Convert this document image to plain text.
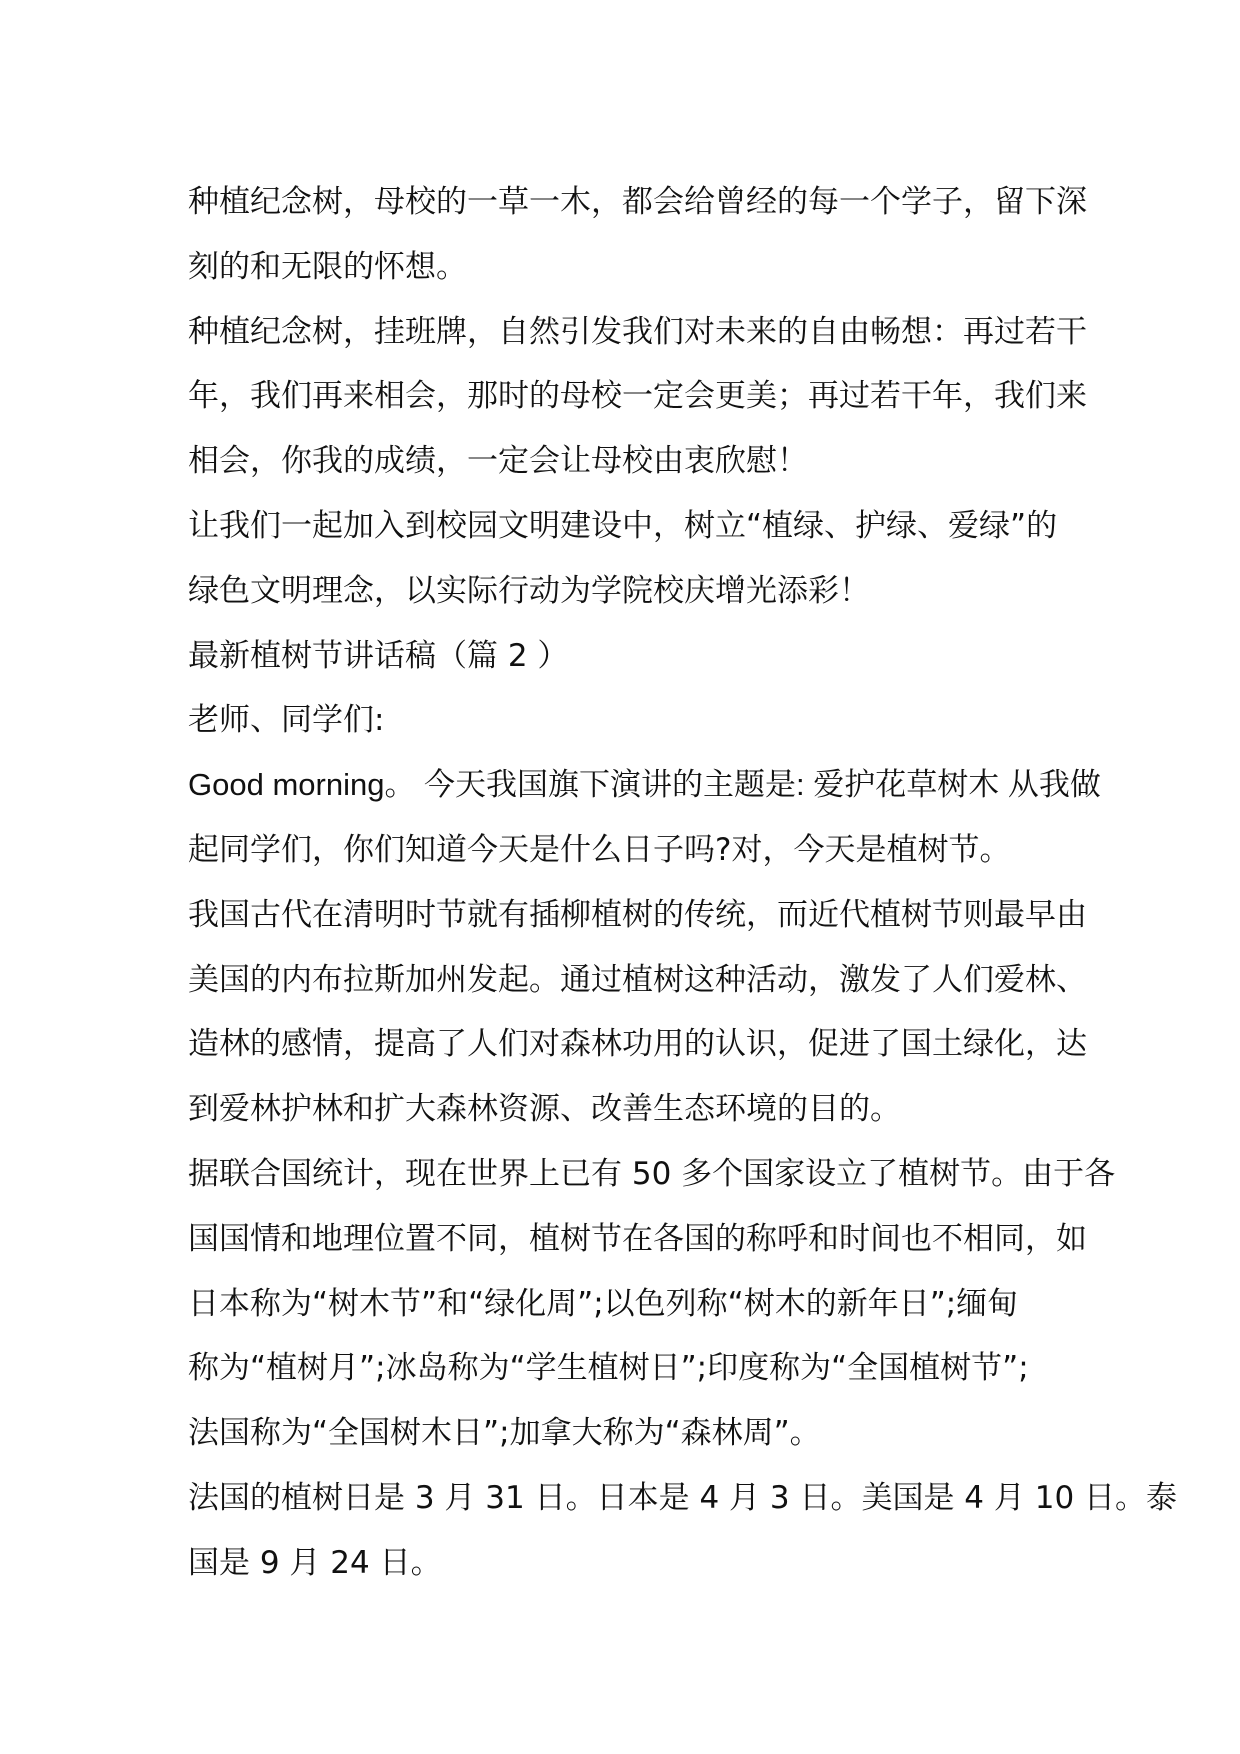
种植纪念树，母校的一草一木，都会给曾经的每一个学子，留下深
刻的和无限的怀想。
种植纪念树，挂班牌，自然引发我们对未来的自由畅想：再过若干
年，我们再来相会，那时的母校一定会更美；再过若干年，我们来
相会，你我的成绩，一定会让母校由衷欣慰！
让我们一起加入到校园文明建设中，树立“植绿、护绿、爱绿”的
绿色文明理念，以实际行动为学院校庆增光添彩！
最新植树节讲话稿（篇 2 ）
老师、同学们:
Good morning。 今天我国旗下演讲的主题是: 爱护花草树木 从我做
起同学们，你们知道今天是什么日子吗?对，今天是植树节。
我国古代在清明时节就有插柳植树的传统，而近代植树节则最早由
美国的内布拉斯加州发起。通过植树这种活动，激发了人们爱林、
造林的感情，提高了人们对森林功用的认识，促进了国土绿化，达
到爱林护林和扩大森林资源、改善生态环境的目的。
据联合国统计，现在世界上已有 50 多个国家设立了植树节。由于各
国国情和地理位置不同，植树节在各国的称呼和时间也不相同，如
日本称为“树木节”和“绿化周”;以色列称“树木的新年日”;缅甸
称为“植树月”;冰岛称为“学生植树日”;印度称为“全国植树节”;
法国称为“全国树木日”;加拿大称为“森林周”。
法国的植树日是 3 月 31 日。日本是 4 月 3 日。美国是 4 月 10 日。泰
国是 9 月 24 日。
